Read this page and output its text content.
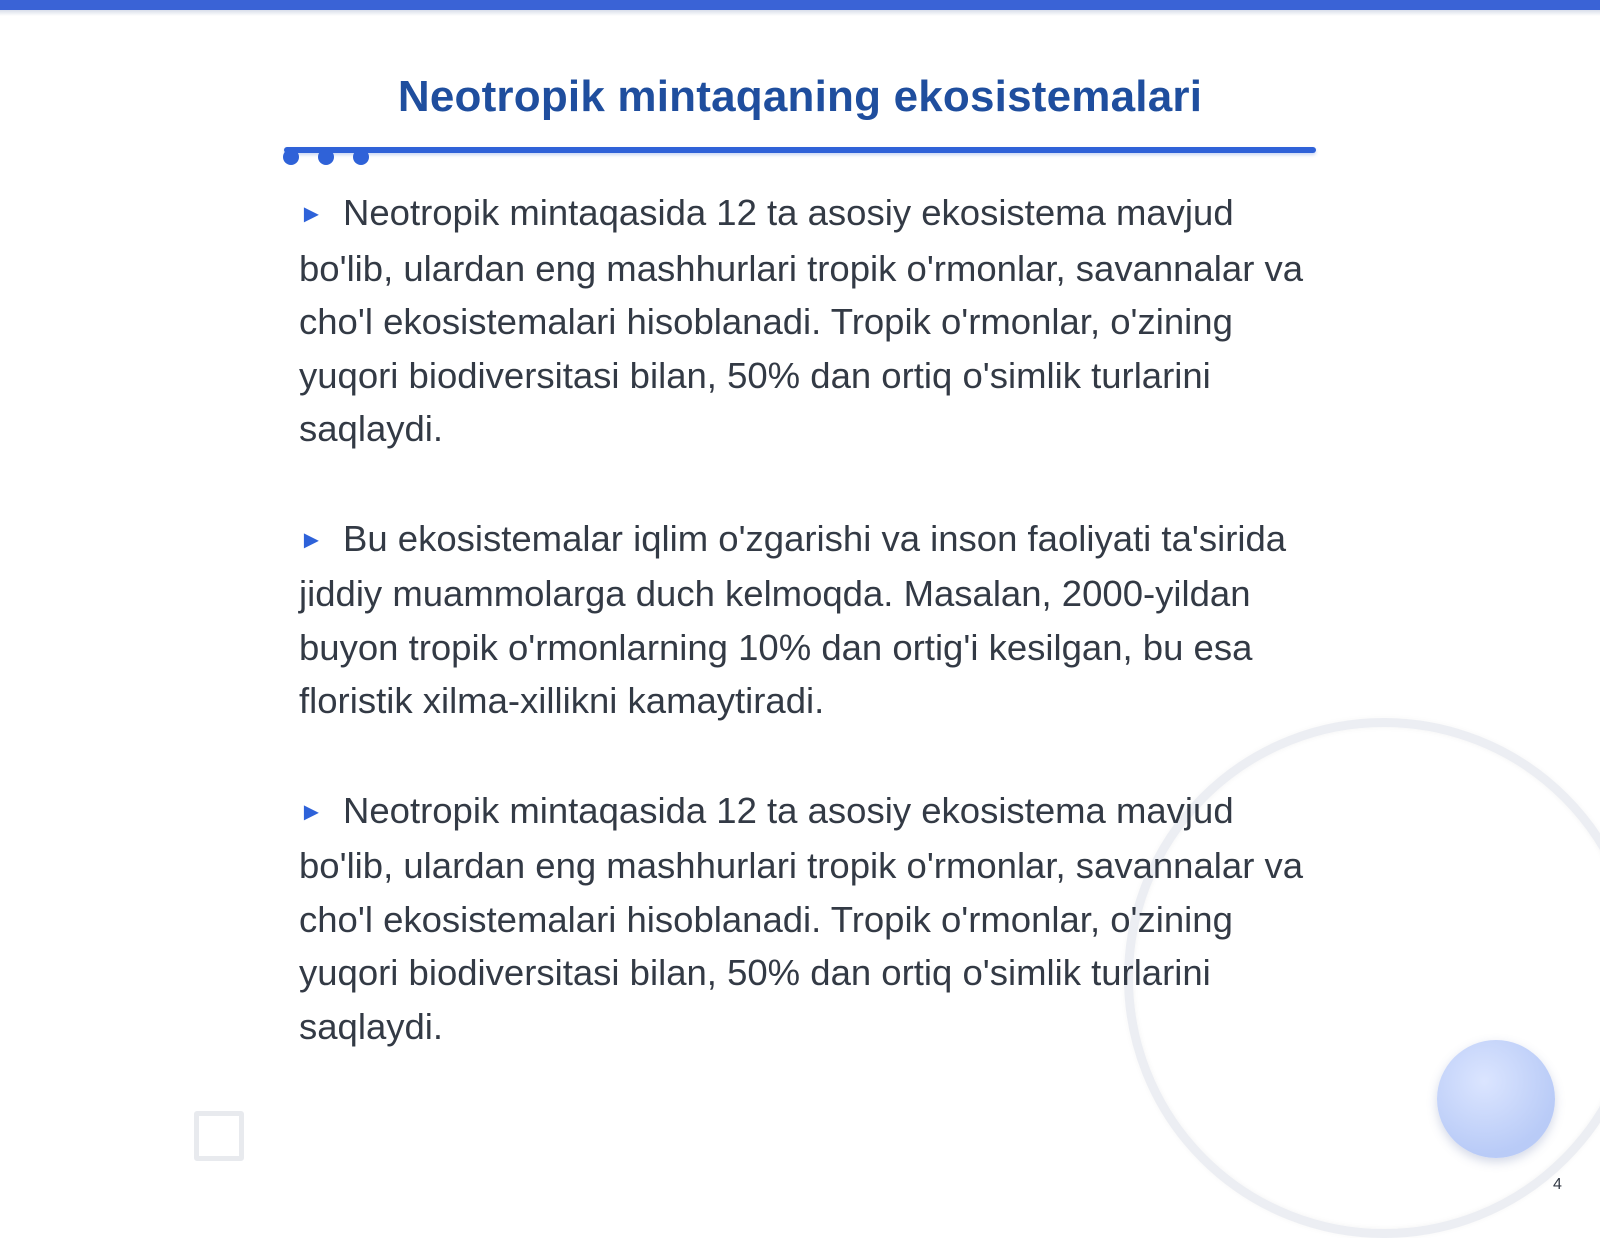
Neotropik mintaqaning ekosistemalari

► Neotropik mintaqasida 12 ta asosiy ekosistema mavjud bo'lib, ulardan eng mashhurlari tropik o'rmonlar, savannalar va cho'l ekosistemalari hisoblanadi. Tropik o'rmonlar, o'zining yuqori biodiversitasi bilan, 50% dan ortiq o'simlik turlarini saqlaydi.

► Bu ekosistemalar iqlim o'zgarishi va inson faoliyati ta'sirida jiddiy muammolarga duch kelmoqda. Masalan, 2000-yildan buyon tropik o'rmonlarning 10% dan ortig'i kesilgan, bu esa floristik xilma-xillikni kamaytiradi.

► Neotropik mintaqasida 12 ta asosiy ekosistema mavjud bo'lib, ulardan eng mashhurlari tropik o'rmonlar, savannalar va cho'l ekosistemalari hisoblanadi. Tropik o'rmonlar, o'zining yuqori biodiversitasi bilan, 50% dan ortiq o'simlik turlarini saqlaydi.

4
